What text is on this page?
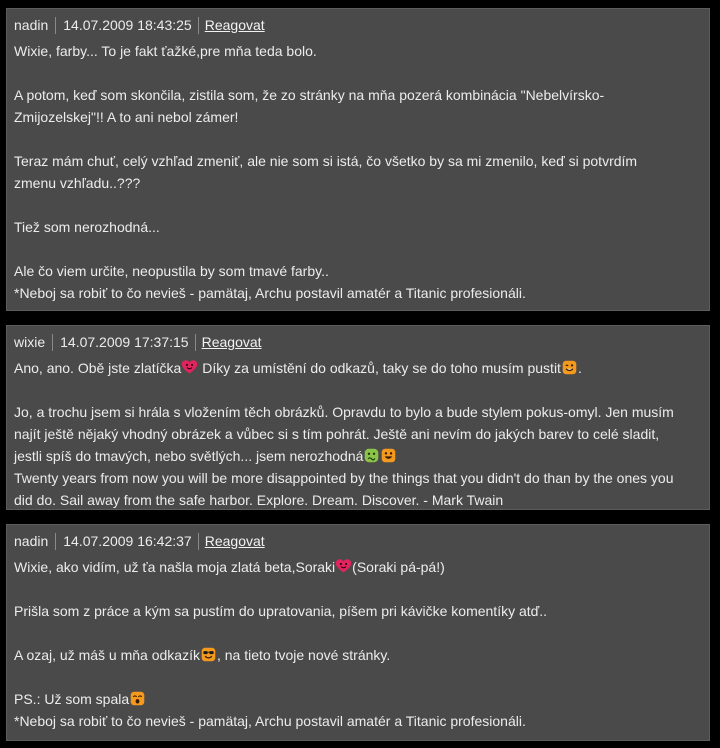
nadin	14.07.2009 18:43:25 Reagovat

Wixie, farby... To je fakt ťažké,pre mňa teda bolo.

A potom, keď som skončila, zistila som, že zo stránky na mňa pozerá kombinácia "Nebelvírsko-

Zmijozelskej"!! A to ani nebol zámer!

Teraz mám chuť, celý vzhľad zmeniť, ale nie som si istá, čo všetko by sa mi zmenilo, keď si potvrdím

zmenu vzhľadu..???

Tiež som nerozhodná...

Ale čo viem určite, neopustila by som tmavé farby..

*Neboj sa robiť to čo nevieš - pamätaj, Archu postavil amatér a Titanic profesionáli.

wixie	14.07.2009 17:37:15 Reagovat

Ano, ano. Obě jste zlatíčka Díky za umístění do odkazů, taky se do toho musím pustit .

Jo, a trochu jsem si hrála s vložením těch obrázků. Opravdu to bylo a bude stylem pokus-omyl. Jen musím

najít ještě nějaký vhodný obrázek a vůbec si s tím pohrát. Ještě ani nevím do jakých barev to celé sladit,

jestli spíš do tmavých, nebo světlých... jsem nerozhodná

Twenty years from now you will be more disappointed by the things that you didn't do than by the ones you

did do. Sail away from the safe harbor. Explore. Dream. Discover. - Mark Twain

nadin	14.07.2009 16:42:37 Reagovat

Wixie, ako vidím, už ťa našla moja zlatá beta,Soraki (Soraki pá-pá!)

Prišla som z práce a kým sa pustím do upratovania, píšem pri kávičke komentíky atď..

A ozaj, už máš u mňa odkazík , na tieto tvoje nové stránky.

PS.: Už som spala

*Neboj sa robiť to čo nevieš - pamätaj, Archu postavil amatér a Titanic profesionáli.
